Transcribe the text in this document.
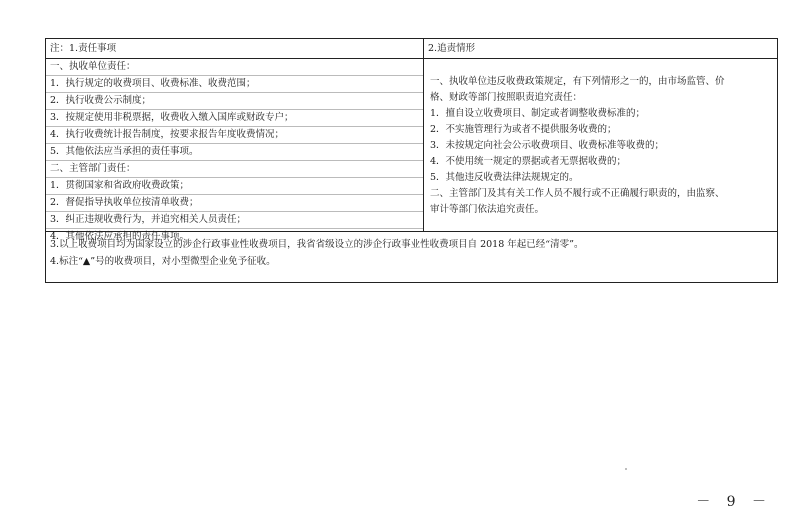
注：1.责任事项	2.追责情形
一、执收单位责任：
1．执行规定的收费项目、收费标准、收费范围；
2．执行收费公示制度；
3．按规定使用非税票据，收费收入缴入国库或财政专户；
4．执行收费统计报告制度，按要求报告年度收费情况；
5．其他依法应当承担的责任事项。
二、主管部门责任：
1．贯彻国家和省政府收费政策；
2．督促指导执收单位按清单收费；
3．纠正违规收费行为，并追究相关人员责任；
4．其他依法应承担的责任事项。
一、执收单位违反收费政策规定，有下列情形之一的，由市场监管、价
格、财政等部门按照职责追究责任：
1．擅自设立收费项目、制定或者调整收费标准的；
2．不实施管理行为或者不提供服务收费的；
3．未按规定向社会公示收费项目、收费标准等收费的；
4．不使用统一规定的票据或者无票据收费的；
5．其他违反收费法律法规规定的。
二、主管部门及其有关工作人员不履行或不正确履行职责的，由监察、
审计等部门依法追究责任。
3.以上收费项目均为国家设立的涉企行政事业性收费项目，我省省级设立的涉企行政事业性收费项目自 2018 年起已经“清零”。
4.标注“▲”号的收费项目，对小型微型企业免予征收。
－ 9 －
